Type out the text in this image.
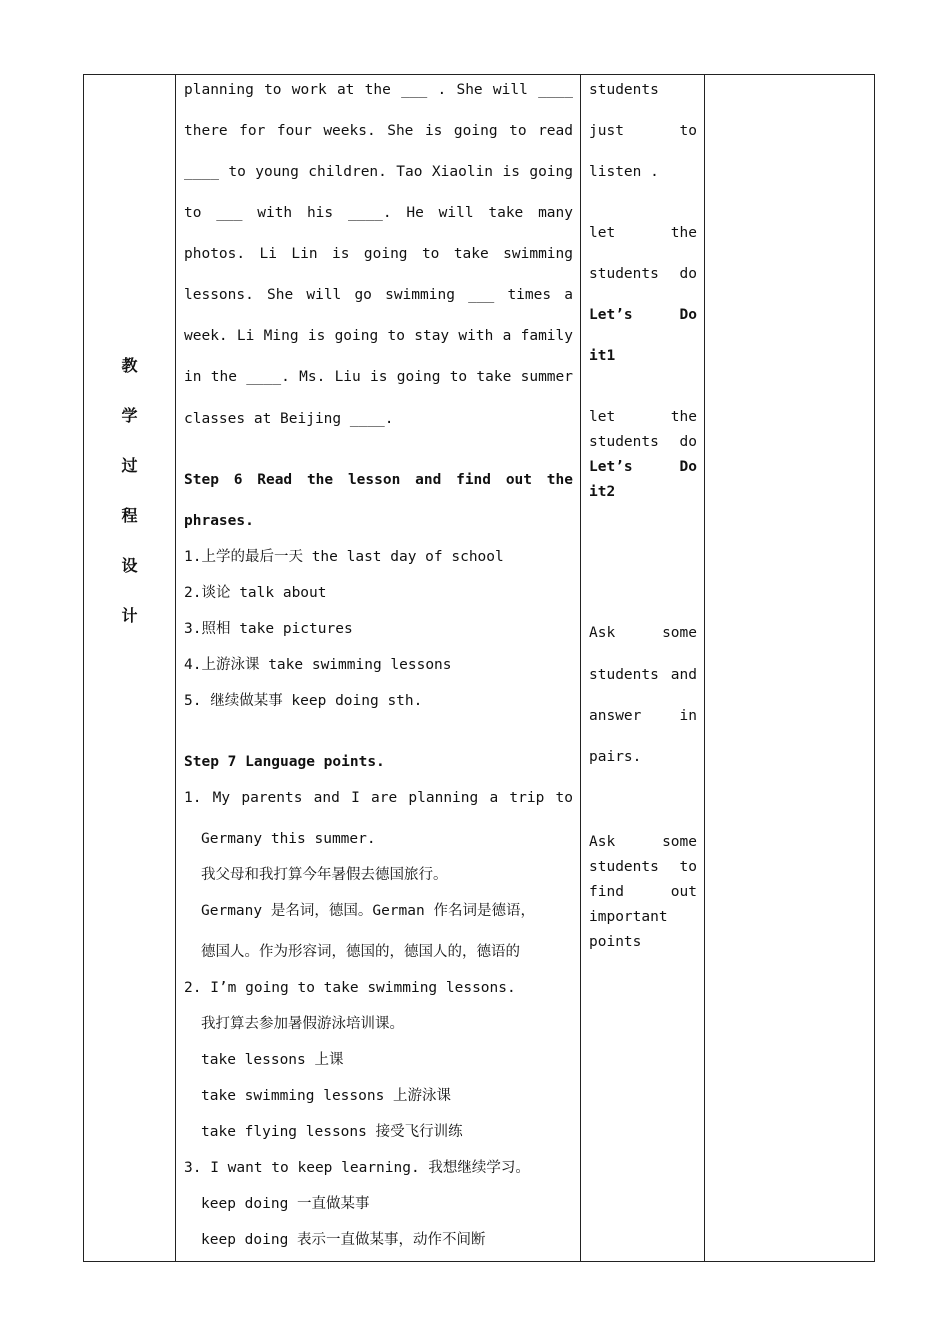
教
学
过
程
设
计
planning to work at the ___ . She will ____
there for four weeks. She is going to read
____ to young children. Tao Xiaolin is going
to ___ with his ____. He will take many
photos. Li Lin is going to take swimming
lessons. She will go swimming ___ times a
week. Li Ming is going to stay with a family
in the ____. Ms. Liu is going to take summer
classes at Beijing ____.
Step 6 Read the lesson and find out the
phrases.
1.上学的最后一天 the last day of school
2.谈论 talk about
3.照相 take pictures
4.上游泳课 take swimming lessons
5. 继续做某事 keep doing sth.
Step 7 Language points.
1. My parents and I are planning a trip to
Germany this summer.
我父母和我打算今年暑假去德国旅行。
Germany 是名词，德国。German 作名词是德语，
德国人。作为形容词，德国的，德国人的，德语的
2. I’m going to take swimming lessons.
我打算去参加暑假游泳培训课。
take lessons 上课
take swimming lessons 上游泳课
take flying lessons 接受飞行训练
3. I want to keep learning. 我想继续学习。
keep doing 一直做某事
keep doing 表示一直做某事，动作不间断
students
just to
listen .
let the
students do
Let’s Do
it1
let the
students do
Let’s Do
it2
Ask some
students and
answer in
pairs.
Ask some
students to
find out
important
points
